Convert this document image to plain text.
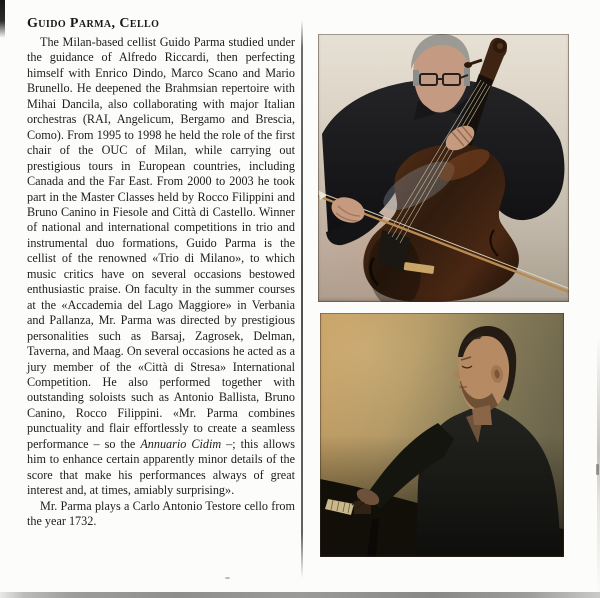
Guido Parma, Cello

The Milan-based cellist Guido Parma studied under the guidance of Alfredo Riccardi, then perfecting himself with Enrico Dindo, Marco Scano and Mario Brunello. He deepened the Brahmsian repertoire with Mihai Dancila, also collaborating with major Italian orchestras (RAI, Angelicum, Bergamo and Brescia, Como). From 1995 to 1998 he held the role of the first chair of the OUC of Milan, while carrying out prestigious tours in European countries, including Canada and the Far East. From 2000 to 2003 he took part in the Master Classes held by Rocco Filippini and Bruno Canino in Fiesole and Città di Castello. Winner of national and international competitions in trio and instrumental duo formations, Guido Parma is the cellist of the renowned «Trio di Milano», to which music critics have on several occasions bestowed enthusiastic praise. On faculty in the summer courses at the «Accademia del Lago Maggiore» in Verbania and Pallanza, Mr. Parma was directed by prestigious personalities such as Barsaj, Zagrosek, Delman, Taverna, and Maag. On several occasions he acted as a jury member of the «Città di Stresa» International Competition. He also performed together with outstanding soloists such as Antonio Ballista, Bruno Canino, Rocco Filippini. «Mr. Parma combines punctuality and flair effortlessly to create a seamless performance – so the Annuario Cidim –; this allows him to enhance certain apparently minor details of the score that make his performances always of great interest and, at times, amiably surprising».

Mr. Parma plays a Carlo Antonio Testore cello from the year 1732.
